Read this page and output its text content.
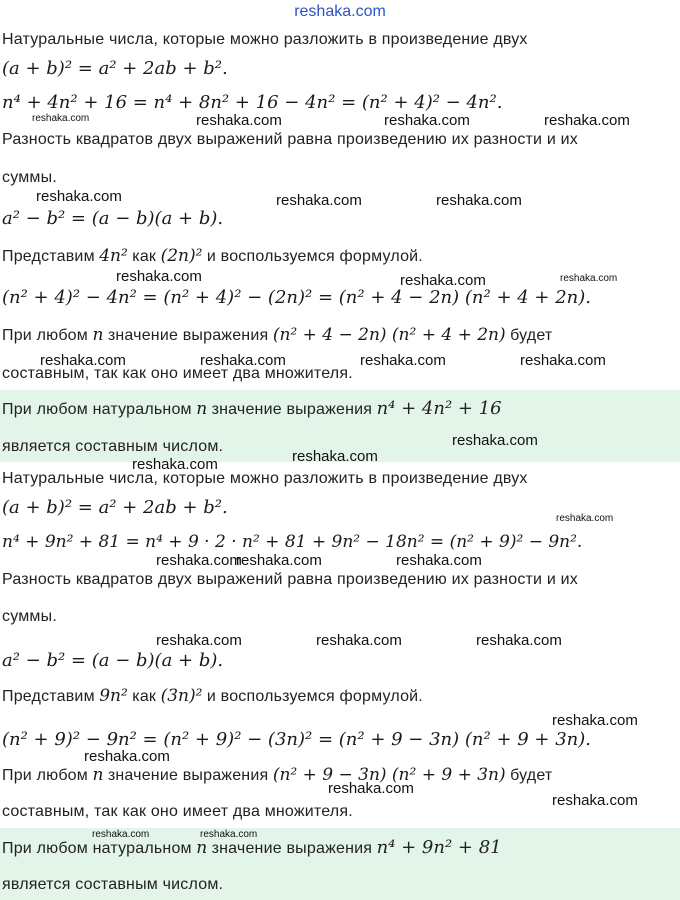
reshaka.com
Натуральные числа, которые можно разложить в произведение двух
(a + b)² = a² + 2ab + b².
n⁴ + 4n² + 16 = n⁴ + 8n² + 16 − 4n² = (n² + 4)² − 4n².
Разность квадратов двух выражений равна произведению их разности и их
суммы.
a² − b² = (a − b)(a + b).
Представим 4n² как (2n)² и воспользуемся формулой.
(n² + 4)² − 4n² = (n² + 4)² − (2n)² = (n² + 4 − 2n) (n² + 4 + 2n).
При любом n значение выражения (n² + 4 − 2n) (n² + 4 + 2n) будет
составным, так как оно имеет два множителя.
При любом натуральном n значение выражения n⁴ + 4n² + 16
является составным числом.
Натуральные числа, которые можно разложить в произведение двух
(a + b)² = a² + 2ab + b².
n⁴ + 9n² + 81 = n⁴ + 9 · 2 · n² + 81 + 9n² − 18n² = (n² + 9)² − 9n².
Разность квадратов двух выражений равна произведению их разности и их
суммы.
a² − b² = (a − b)(a + b).
Представим 9n² как (3n)² и воспользуемся формулой.
(n² + 9)² − 9n² = (n² + 9)² − (3n)² = (n² + 9 − 3n) (n² + 9 + 3n).
При любом n значение выражения (n² + 9 − 3n) (n² + 9 + 3n) будет
составным, так как оно имеет два множителя.
При любом натуральном n значение выражения n⁴ + 9n² + 81
является составным числом.
reshaka.com	reshaka.com	reshaka.com	reshaka.com
reshaka.com	reshaka.com	reshaka.com
reshaka.com	reshaka.com	reshaka.com
reshaka.com	reshaka.com	reshaka.com	reshaka.com
reshaka.com
reshaka.com
reshaka.com
reshaka.com
reshaka.com
reshaka.com	reshaka.com
reshaka.com	reshaka.com	reshaka.com
reshaka.com
reshaka.com
reshaka.com
reshaka.com
reshaka.com	reshaka.com
